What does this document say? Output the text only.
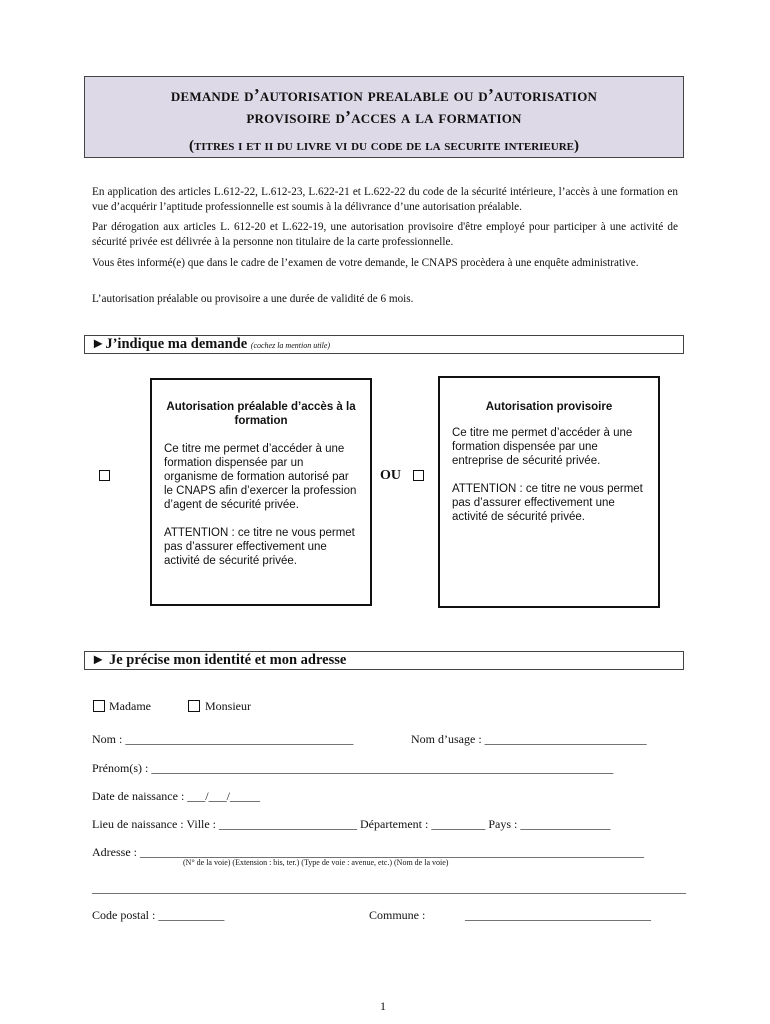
demande d’autorisation prealable ou d’autorisation
provisoire d’acces a la formation
(titres i et ii du livre vi du code de la securite interieure)
En application des articles L.612-22, L.612-23, L.622-21 et L.622-22 du code de la sécurité intérieure, l’accès à une formation en vue d’acquérir l’aptitude professionnelle est soumis à la délivrance d’une autorisation préalable.
Par dérogation aux articles L. 612-20 et L.622-19, une autorisation provisoire d'être employé pour participer à une activité de sécurité privée est délivrée à la personne non titulaire de la carte professionnelle.
Vous êtes informé(e) que dans le cadre de l’examen de votre demande, le CNAPS procèdera à une enquête administrative.
L’autorisation préalable ou provisoire a une durée de validité de 6 mois.
►J’indique ma demande (cochez la mention utile)

Autorisation préalable d’accès à la formation

Ce titre me permet d’accéder à une formation dispensée par un organisme de formation autorisé par le CNAPS afin d’exercer la profession d’agent de sécurité privée.

ATTENTION : ce titre ne vous permet pas d’assurer effectivement une activité de sécurité privée.

OU

Autorisation provisoire

Ce titre me permet d’accéder à une formation dispensée par une entreprise de sécurité privée.

ATTENTION : ce titre ne vous permet pas d’assurer effectivement une activité de sécurité privée.

► Je précise mon identité et mon adresse
Madame	Monsieur
Nom : ______________________________________	Nom d’usage : ___________________________
Prénom(s) : _____________________________________________________________________________
Date de naissance : ___/___/_____
Lieu de naissance : Ville : _______________________ Département : _________ Pays : _______________
Adresse : ____________________________________________________________________________________
(N° de la voie) (Extension : bis, ter.) (Type de voie : avenue, etc.) (Nom de la voie)
___________________________________________________________________________________________________
Code postal : ___________	Commune :	_______________________________
1
